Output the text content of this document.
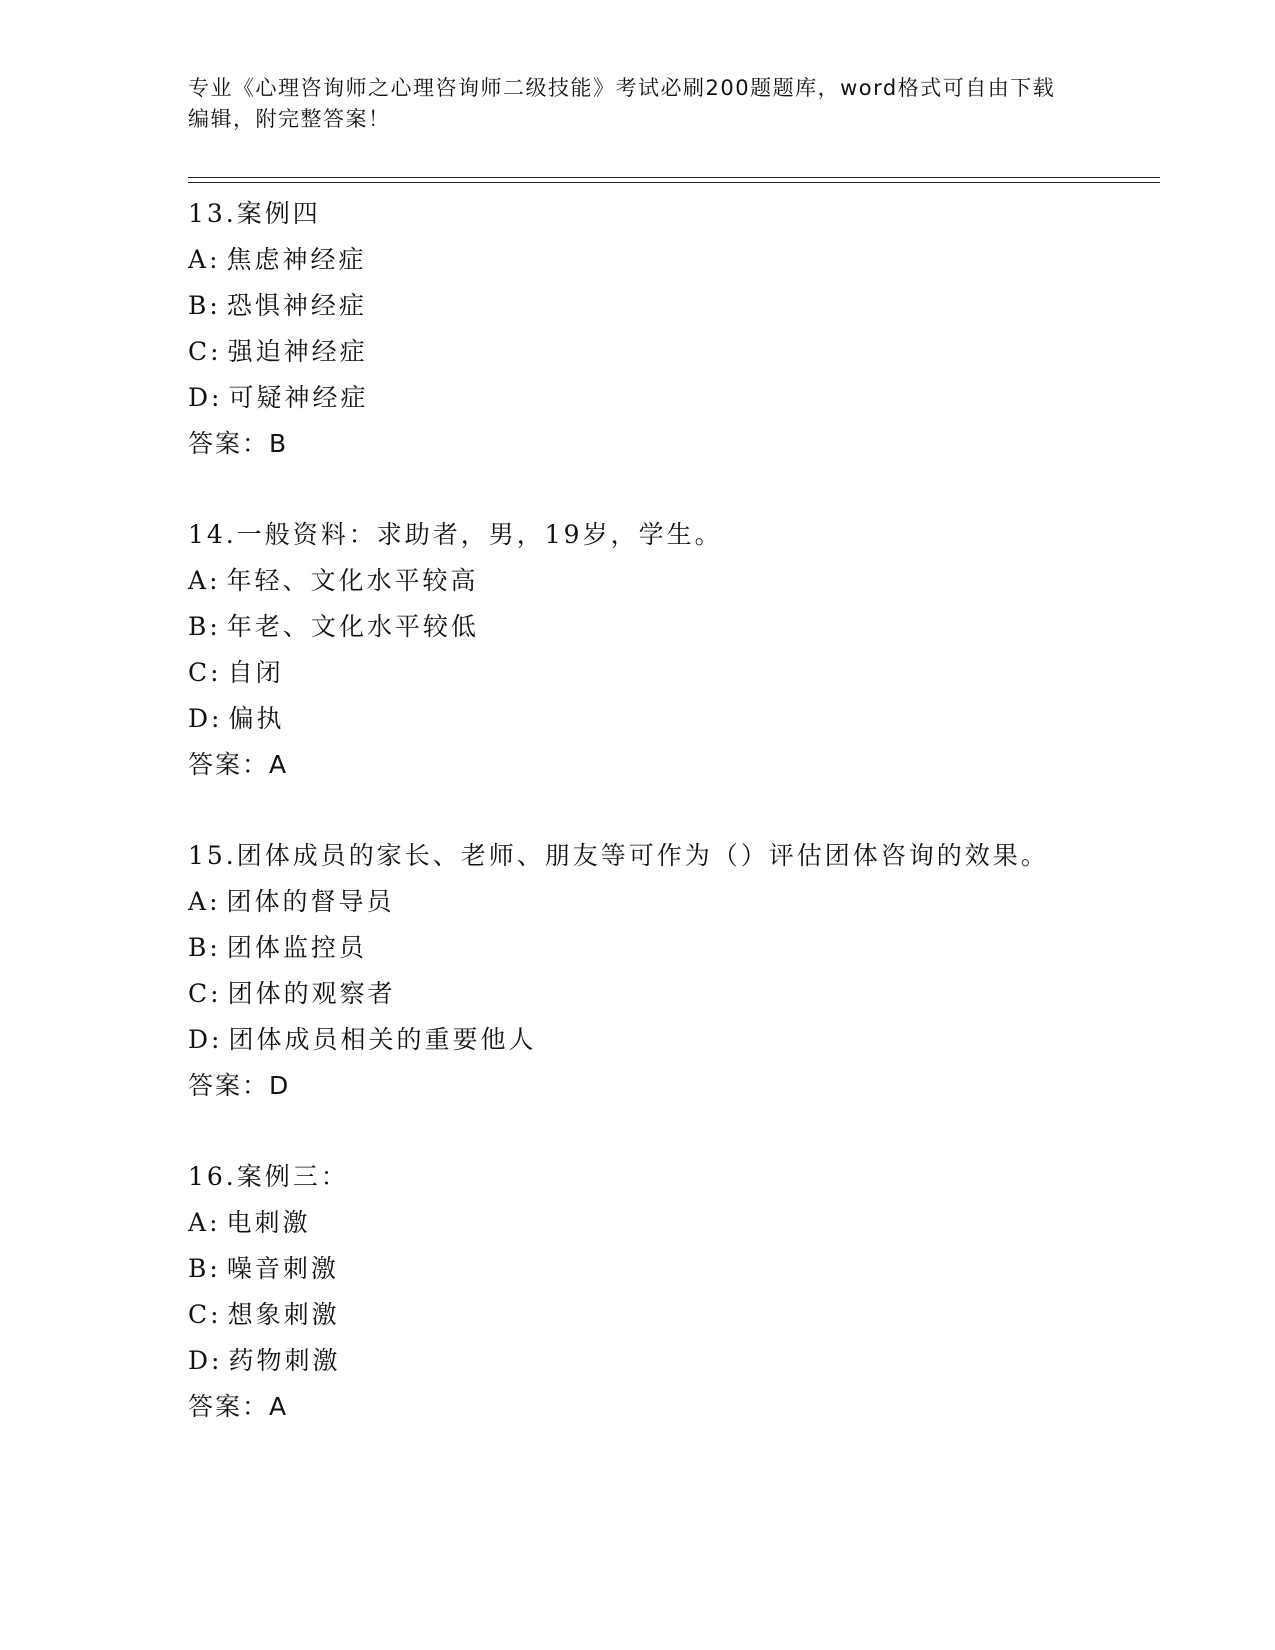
专业《心理咨询师之心理咨询师二级技能》考试必刷200题题库，word格式可自由下载编辑，附完整答案！
13.案例四
A: 焦虑神经症
B: 恐惧神经症
C: 强迫神经症
D: 可疑神经症
答案：B
14.一般资料：求助者，男，19岁，学生。
A: 年轻、文化水平较高
B: 年老、文化水平较低
C: 自闭
D: 偏执
答案：A
15.团体成员的家长、老师、朋友等可作为（）评估团体咨询的效果。
A: 团体的督导员
B: 团体监控员
C: 团体的观察者
D: 团体成员相关的重要他人
答案：D
16.案例三：
A: 电刺激
B: 噪音刺激
C: 想象刺激
D: 药物刺激
答案：A
